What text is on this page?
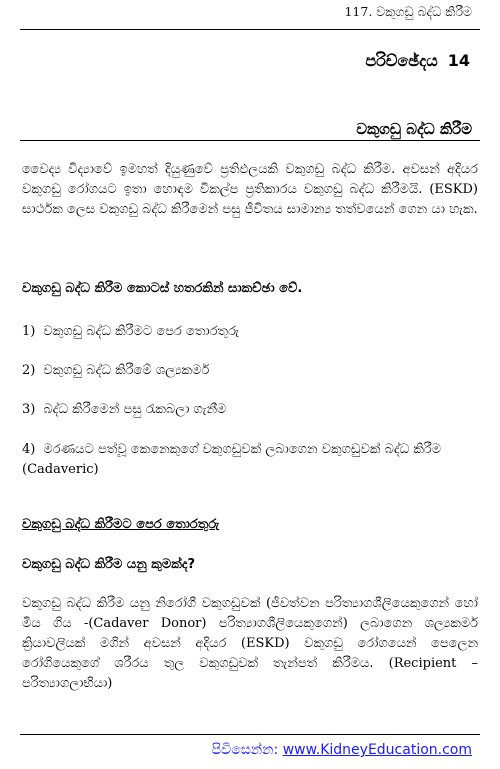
117. වකුගඩු බද්ධ කිරීම
පරිච්ඡේදය 14
වකුගඩු බද්ධ කිරීම
වෛද්‍ය විද්‍යාවේ ඉමහත් දියුණුවේ ප්‍රතිඵලයකි වකුගඩු බද්ධ කිරීම. අවසන් අදියර වකුගඩු රෝගයට ඉතා හොඳම විකල්ප ප්‍රතිකාරය වකුගඩු බද්ධ කිරීමයි. (ESKD) සාර්ථක ලෙස වකුගඩු බද්ධ කිරීමෙන් පසු ජීවිතය සාමාන්‍ය තත්වයෙන් ගෙන යා හැක.
වකුගඩු බද්ධ කිරීම කොටස් හතරකින් සාකච්ඡා වේ.
1) වකුගඩු බද්ධ කිරීමට පෙර තොරතුරු
2) වකුගඩු බද්ධ කිරීමේ ශල්‍යකර්ම
3) බද්ධ කිරීමෙන් පසු රැකබලා ගැනීම
4) මරණයට පත්වූ කෙනෙකුගේ වකුගඩුවක් ලබාගෙන වකුගඩුවක් බද්ධ කිරීම (Cadaveric)
වකුගඩු බද්ධ කිරීමට පෙර තොරතුරු
වකුගඩු බද්ධ කිරීම යනු කුමක්ද?
වකුගඩු බද්ධ කිරීම යනු නිරෝගී වකුගඩුවක් (ජීවත්වන පරිත්‍යාගශීලියෙකුගෙන් හෝ මිය ගිය -(Cadaver Donor) පරිත්‍යාගශීලියෙකුගෙන්) ලබාගෙන ශල්‍යකර්ම ක්‍රියාවලියක් මගින් අවසන් අදියර (ESKD) වකුගඩු රෝගයෙන් පෙලෙන රෝගියෙකුගේ ශරීරය තුල වකුගඩුවක් තැන්පත් කිරීමය. (Recipient – පරිත්‍යාගලාභියා)
පිවිසෙන්න: www.KidneyEducation.com
